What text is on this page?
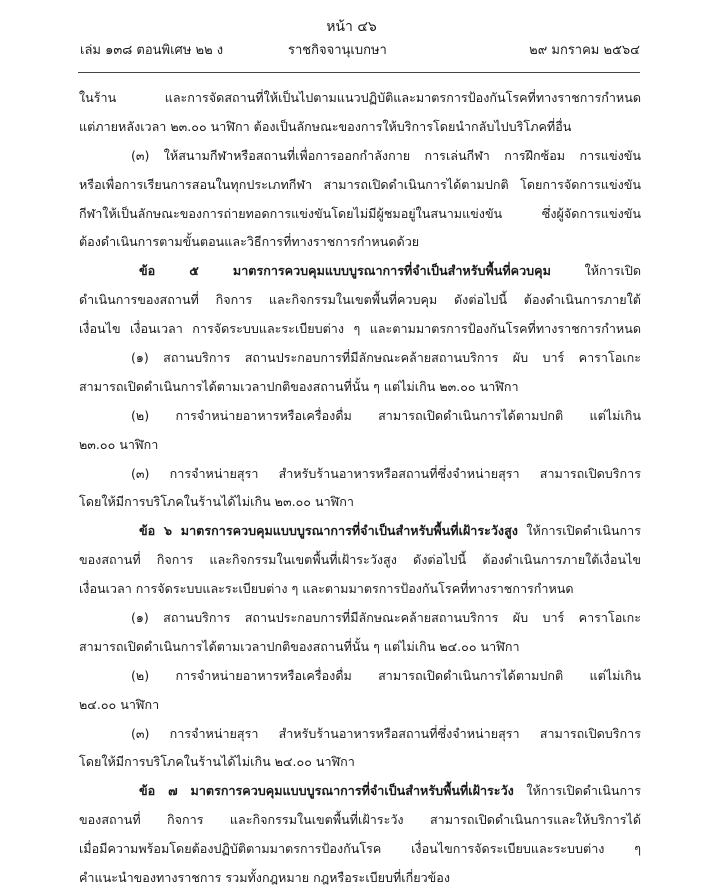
หน้า ๔๖
เล่ม ๑๓๘ ตอนพิเศษ ๒๒ ง	ราชกิจจานุเบกษา	๒๙ มกราคม ๒๕๖๔
ในร้าน และการจัดสถานที่ให้เป็นไปตามแนวปฏิบัติและมาตรการป้องกันโรคที่ทางราชการกำหนด
แต่ภายหลังเวลา ๒๓.๐๐ นาฬิกา ต้องเป็นลักษณะของการให้บริการโดยนำกลับไปบริโภคที่อื่น
(๓) ให้สนามกีฬาหรือสถานที่เพื่อการออกกำลังกาย การเล่นกีฬา การฝึกซ้อม การแข่งขัน
หรือเพื่อการเรียนการสอนในทุกประเภทกีฬา สามารถเปิดดำเนินการได้ตามปกติ โดยการจัดการแข่งขัน
กีฬาให้เป็นลักษณะของการถ่ายทอดการแข่งขันโดยไม่มีผู้ชมอยู่ในสนามแข่งขัน ซึ่งผู้จัดการแข่งขัน
ต้องดำเนินการตามขั้นตอนและวิธีการที่ทางราชการกำหนดด้วย
ข้อ ๕ มาตรการควบคุมแบบบูรณาการที่จำเป็นสำหรับพื้นที่ควบคุม ให้การเปิด
ดำเนินการของสถานที่ กิจการ และกิจกรรมในเขตพื้นที่ควบคุม ดังต่อไปนี้ ต้องดำเนินการภายใต้
เงื่อนไข เงื่อนเวลา การจัดระบบและระเบียบต่าง ๆ และตามมาตรการป้องกันโรคที่ทางราชการกำหนด
(๑) สถานบริการ สถานประกอบการที่มีลักษณะคล้ายสถานบริการ ผับ บาร์ คาราโอเกะ
สามารถเปิดดำเนินการได้ตามเวลาปกติของสถานที่นั้น ๆ แต่ไม่เกิน ๒๓.๐๐ นาฬิกา
(๒) การจำหน่ายอาหารหรือเครื่องดื่ม สามารถเปิดดำเนินการได้ตามปกติ แต่ไม่เกิน
๒๓.๐๐ นาฬิกา
(๓) การจำหน่ายสุรา สำหรับร้านอาหารหรือสถานที่ซึ่งจำหน่ายสุรา สามารถเปิดบริการ
โดยให้มีการบริโภคในร้านได้ไม่เกิน ๒๓.๐๐ นาฬิกา
ข้อ ๖ มาตรการควบคุมแบบบูรณาการที่จำเป็นสำหรับพื้นที่เฝ้าระวังสูง ให้การเปิดดำเนินการ
ของสถานที่ กิจการ และกิจกรรมในเขตพื้นที่เฝ้าระวังสูง ดังต่อไปนี้ ต้องดำเนินการภายใต้เงื่อนไข
เงื่อนเวลา การจัดระบบและระเบียบต่าง ๆ และตามมาตรการป้องกันโรคที่ทางราชการกำหนด
(๑) สถานบริการ สถานประกอบการที่มีลักษณะคล้ายสถานบริการ ผับ บาร์ คาราโอเกะ
สามารถเปิดดำเนินการได้ตามเวลาปกติของสถานที่นั้น ๆ แต่ไม่เกิน ๒๔.๐๐ นาฬิกา
(๒) การจำหน่ายอาหารหรือเครื่องดื่ม สามารถเปิดดำเนินการได้ตามปกติ แต่ไม่เกิน
๒๔.๐๐ นาฬิกา
(๓) การจำหน่ายสุรา สำหรับร้านอาหารหรือสถานที่ซึ่งจำหน่ายสุรา สามารถเปิดบริการ
โดยให้มีการบริโภคในร้านได้ไม่เกิน ๒๔.๐๐ นาฬิกา
ข้อ ๗ มาตรการควบคุมแบบบูรณาการที่จำเป็นสำหรับพื้นที่เฝ้าระวัง ให้การเปิดดำเนินการ
ของสถานที่ กิจการ และกิจกรรมในเขตพื้นที่เฝ้าระวัง สามารถเปิดดำเนินการและให้บริการได้
เมื่อมีความพร้อมโดยต้องปฏิบัติตามมาตรการป้องกันโรค เงื่อนไขการจัดระเบียบและระบบต่าง ๆ
คำแนะนำของทางราชการ รวมทั้งกฎหมาย กฎหรือระเบียบที่เกี่ยวข้อง
